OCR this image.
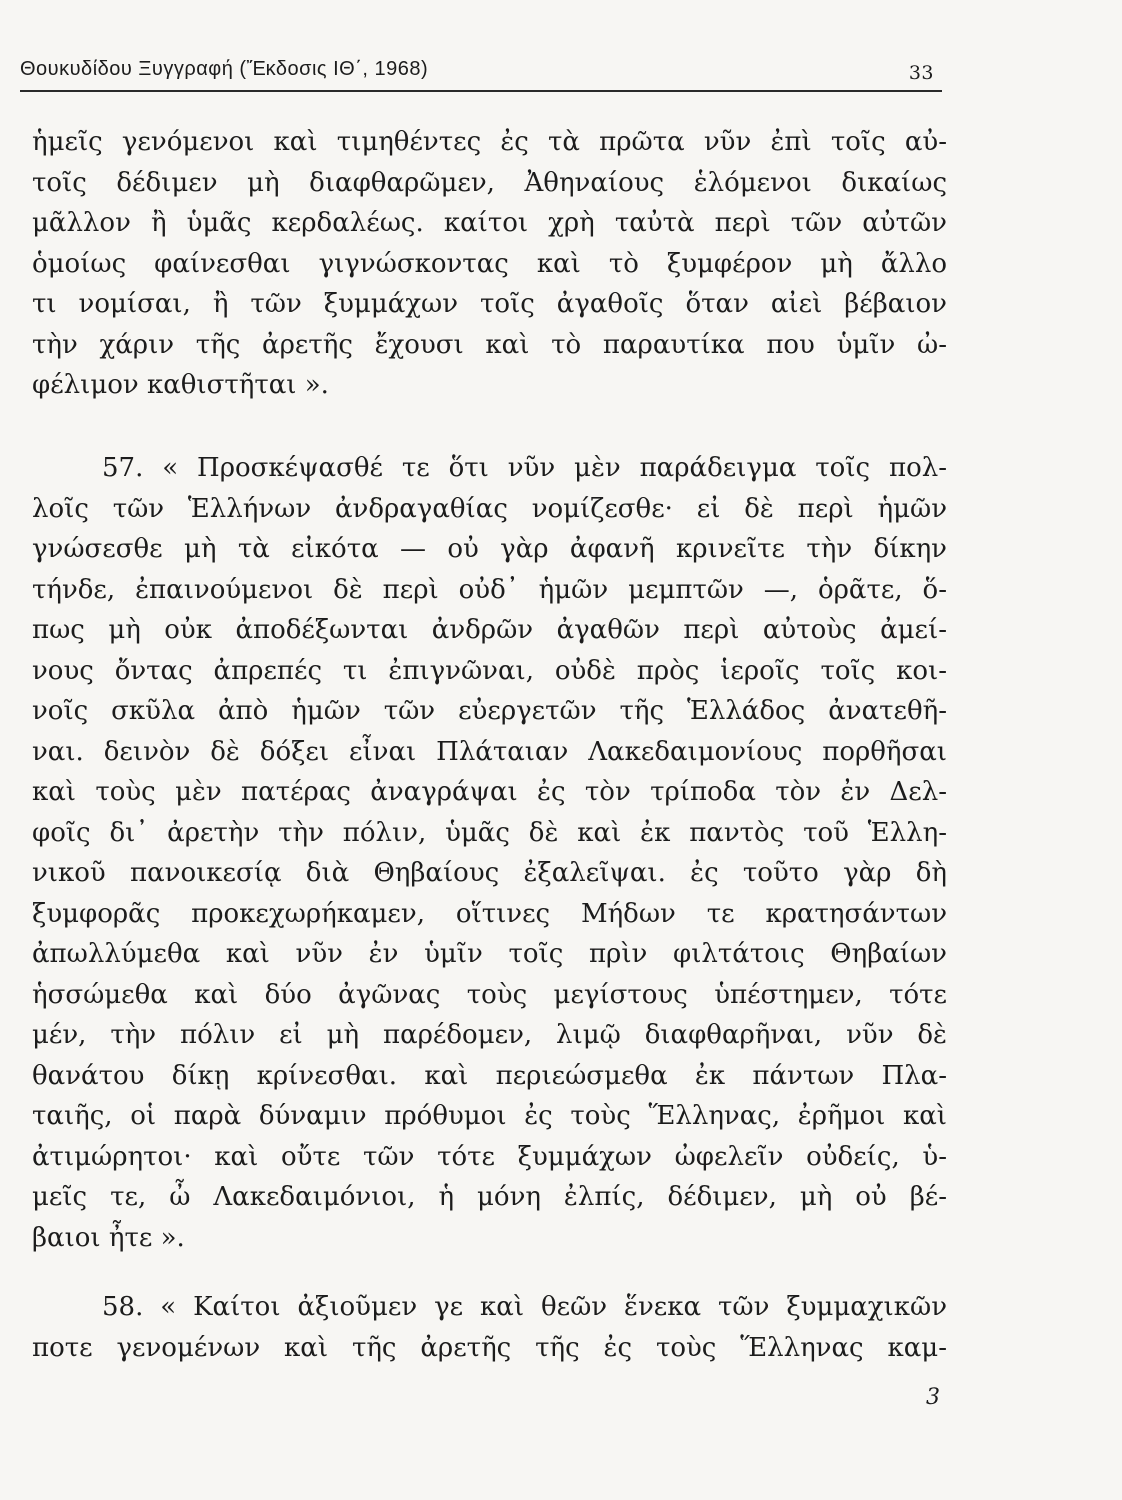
Θουκυδίδου Ξυγγραφή (Ἔκδοσις ΙΘ΄, 1968)	33
ἡμεῖς γενόμενοι καὶ τιμηθέντες ἐς τὰ πρῶτα νῦν ἐπὶ τοῖς αὐ-
τοῖς δέδιμεν μὴ διαφθαρῶμεν, Ἀθηναίους ἑλόμενοι δικαίως
μᾶλλον ἢ ὑμᾶς κερδαλέως. καίτοι χρὴ ταὐτὰ περὶ τῶν αὐτῶν
ὁμοίως φαίνεσθαι γιγνώσκοντας καὶ τὸ ξυμφέρον μὴ ἄλλο
τι νομίσαι, ἢ τῶν ξυμμάχων τοῖς ἀγαθοῖς ὅταν αἰεὶ βέβαιον
τὴν χάριν τῆς ἀρετῆς ἔχουσι καὶ τὸ παραυτίκα που ὑμῖν ὠ-
φέλιμον καθιστῆται ».
57. « Προσκέψασθέ τε ὅτι νῦν μὲν παράδειγμα τοῖς πολ-
λοῖς τῶν Ἑλλήνων ἀνδραγαθίας νομίζεσθε· εἰ δὲ περὶ ἡμῶν
γνώσεσθε μὴ τὰ εἰκότα — οὐ γὰρ ἀφανῆ κρινεῖτε τὴν δίκην
τήνδε, ἐπαινούμενοι δὲ περὶ οὐδ᾽ ἡμῶν μεμπτῶν —, ὁρᾶτε, ὅ-
πως μὴ οὐκ ἀποδέξωνται ἀνδρῶν ἀγαθῶν περὶ αὐτοὺς ἀμεί-
νους ὄντας ἀπρεπές τι ἐπιγνῶναι, οὐδὲ πρὸς ἱεροῖς τοῖς κοι-
νοῖς σκῦλα ἀπὸ ἡμῶν τῶν εὐεργετῶν τῆς Ἑλλάδος ἀνατεθῆ-
ναι. δεινὸν δὲ δόξει εἶναι Πλάταιαν Λακεδαιμονίους πορθῆσαι
καὶ τοὺς μὲν πατέρας ἀναγράψαι ἐς τὸν τρίποδα τὸν ἐν Δελ-
φοῖς δι᾽ ἀρετὴν τὴν πόλιν, ὑμᾶς δὲ καὶ ἐκ παντὸς τοῦ Ἑλλη-
νικοῦ πανοικεσίᾳ διὰ Θηβαίους ἐξαλεῖψαι. ἐς τοῦτο γὰρ δὴ
ξυμφορᾶς προκεχωρήκαμεν, οἵτινες Μήδων τε κρατησάντων
ἀπωλλύμεθα καὶ νῦν ἐν ὑμῖν τοῖς πρὶν φιλτάτοις Θηβαίων
ἡσσώμεθα καὶ δύο ἀγῶνας τοὺς μεγίστους ὑπέστημεν, τότε
μέν, τὴν πόλιν εἰ μὴ παρέδομεν, λιμῷ διαφθαρῆναι, νῦν δὲ
θανάτου δίκῃ κρίνεσθαι. καὶ περιεώσμεθα ἐκ πάντων Πλα-
ταιῆς, οἱ παρὰ δύναμιν πρόθυμοι ἐς τοὺς Ἕλληνας, ἐρῆμοι καὶ
ἀτιμώρητοι· καὶ οὔτε τῶν τότε ξυμμάχων ὠφελεῖν οὐδείς, ὑ-
μεῖς τε, ὦ Λακεδαιμόνιοι, ἡ μόνη ἐλπίς, δέδιμεν, μὴ οὐ βέ-
βαιοι ἦτε ».
58. « Καίτοι ἀξιοῦμεν γε καὶ θεῶν ἕνεκα τῶν ξυμμαχικῶν
ποτε γενομένων καὶ τῆς ἀρετῆς τῆς ἐς τοὺς Ἕλληνας καμ-
3
